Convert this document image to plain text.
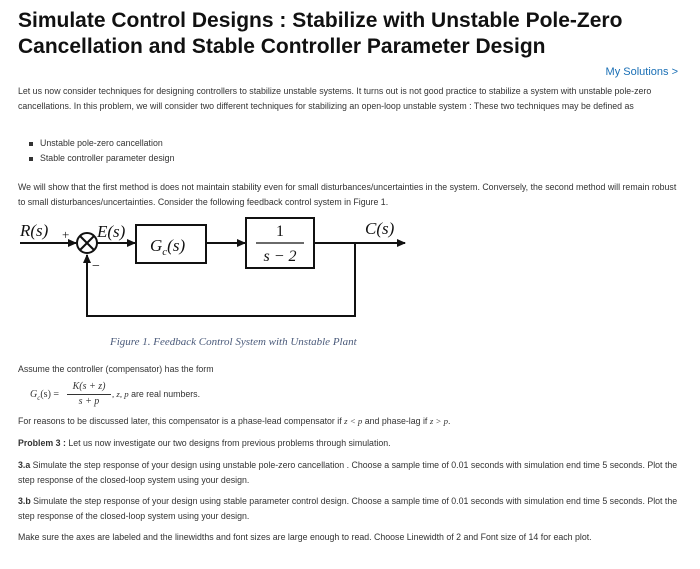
Simulate Control Designs : Stabilize with Unstable Pole-Zero Cancellation and Stable Controller Parameter Design
My Solutions >

Let us now consider techniques for designing controllers to stabilize unstable systems. It turns out is not good practice to stabilize a system with unstable pole-zero cancellations. In this problem, we will consider two different techniques for stabilizing an open-loop unstable system : These two techniques may be defined as

Unstable pole-zero cancellation
Stable controller parameter design

We will show that the first method is does not maintain stability even for small disturbances/uncertainties in the system. Conversely, the second method will remain robust to small disturbances/uncertainties. Consider the following feedback control system in Figure 1.

R(s) +
−
E(s)
$G_c(s)$
1
s − 2
C(s)
Figure 1. Feedback Control System with Unstable Plant

Assume the controller (compensator) has the form

$G_c(s)$ =
K(s + z)
s + p
, z, p are real numbers.

For reasons to be discussed later, this compensator is a phase-lead compensator if z < p and phase-lag if z > p.

Problem 3 : Let us now investigate our two designs from previous problems through simulation.

3.a Simulate the step response of your design using unstable pole-zero cancellation . Choose a sample time of 0.01 seconds with simulation end time 5 seconds. Plot the step response of the closed-loop system using your design.

3.b Simulate the step response of your design using stable parameter control design. Choose a sample time of 0.01 seconds with simulation end time 5 seconds. Plot the step response of the closed-loop system using your design.

Make sure the axes are labeled and the linewidths and font sizes are large enough to read. Choose Linewidth of 2 and Font size of 14 for each plot.
